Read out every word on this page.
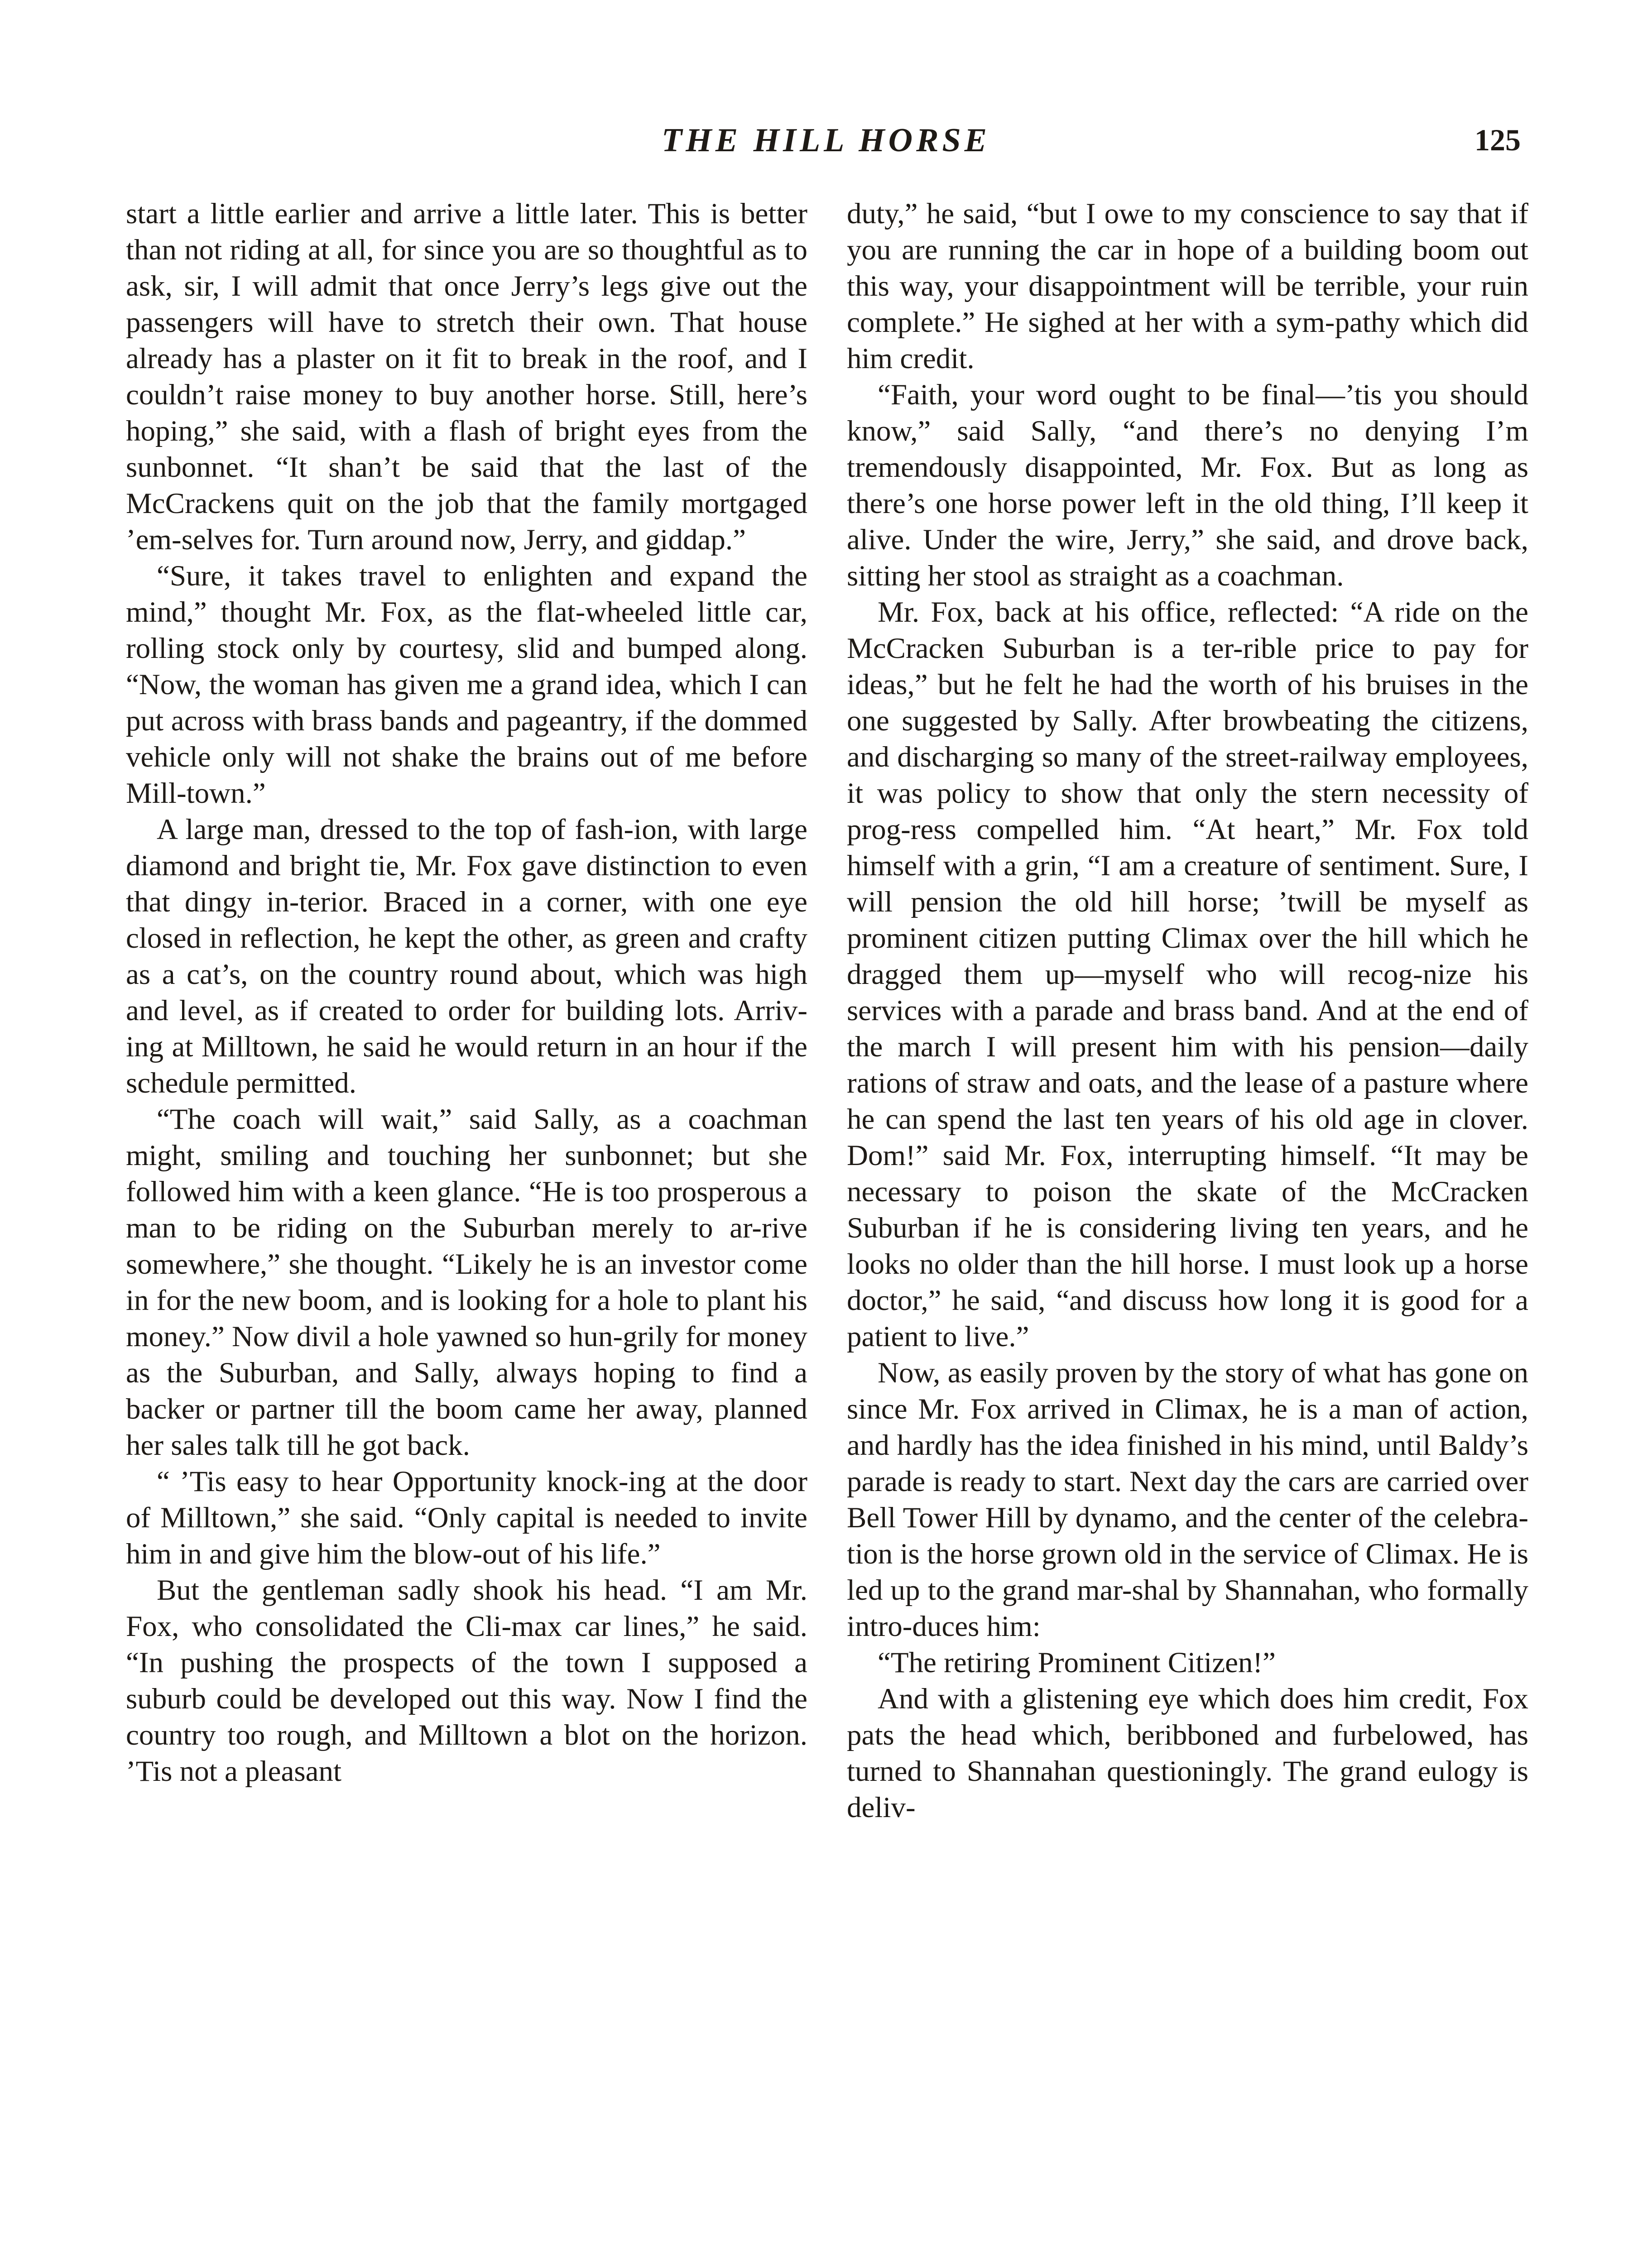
THE HILL HORSE	125

start a little earlier and arrive a little later. This is better than not riding at all, for since you are so thoughtful as to ask, sir, I will admit that once Jerry’s legs give out the passengers will have to stretch their own. That house already has a plaster on it fit to break in the roof, and I couldn’t raise money to buy another horse. Still, here’s hoping,” she said, with a flash of bright eyes from the sunbonnet. “It shan’t be said that the last of the McCrackens quit on the job that the family mortgaged ’em-selves for. Turn around now, Jerry, and giddap.”

“Sure, it takes travel to enlighten and expand the mind,” thought Mr. Fox, as the flat-wheeled little car, rolling stock only by courtesy, slid and bumped along. “Now, the woman has given me a grand idea, which I can put across with brass bands and pageantry, if the dommed vehicle only will not shake the brains out of me before Mill-town.”

A large man, dressed to the top of fash-ion, with large diamond and bright tie, Mr. Fox gave distinction to even that dingy in-terior. Braced in a corner, with one eye closed in reflection, he kept the other, as green and crafty as a cat’s, on the country round about, which was high and level, as if created to order for building lots. Arriv-ing at Milltown, he said he would return in an hour if the schedule permitted.

“The coach will wait,” said Sally, as a coachman might, smiling and touching her sunbonnet; but she followed him with a keen glance. “He is too prosperous a man to be riding on the Suburban merely to ar-rive somewhere,” she thought. “Likely he is an investor come in for the new boom, and is looking for a hole to plant his money.” Now divil a hole yawned so hun-grily for money as the Suburban, and Sally, always hoping to find a backer or partner till the boom came her away, planned her sales talk till he got back.

“ ’Tis easy to hear Opportunity knock-ing at the door of Milltown,” she said. “Only capital is needed to invite him in and give him the blow-out of his life.”

But the gentleman sadly shook his head. “I am Mr. Fox, who consolidated the Cli-max car lines,” he said. “In pushing the prospects of the town I supposed a suburb could be developed out this way. Now I find the country too rough, and Milltown a blot on the horizon. ’Tis not a pleasant

duty,” he said, “but I owe to my conscience to say that if you are running the car in hope of a building boom out this way, your disappointment will be terrible, your ruin complete.” He sighed at her with a sym-pathy which did him credit.

“Faith, your word ought to be final—’tis you should know,” said Sally, “and there’s no denying I’m tremendously disappointed, Mr. Fox. But as long as there’s one horse power left in the old thing, I’ll keep it alive. Under the wire, Jerry,” she said, and drove back, sitting her stool as straight as a coachman.

Mr. Fox, back at his office, reflected: “A ride on the McCracken Suburban is a ter-rible price to pay for ideas,” but he felt he had the worth of his bruises in the one suggested by Sally. After browbeating the citizens, and discharging so many of the street-railway employees, it was policy to show that only the stern necessity of prog-ress compelled him. “At heart,” Mr. Fox told himself with a grin, “I am a creature of sentiment. Sure, I will pension the old hill horse; ’twill be myself as prominent citizen putting Climax over the hill which he dragged them up—myself who will recog-nize his services with a parade and brass band. And at the end of the march I will present him with his pension—daily rations of straw and oats, and the lease of a pasture where he can spend the last ten years of his old age in clover. Dom!” said Mr. Fox, interrupting himself. “It may be necessary to poison the skate of the McCracken Suburban if he is considering living ten years, and he looks no older than the hill horse. I must look up a horse doctor,” he said, “and discuss how long it is good for a patient to live.”

Now, as easily proven by the story of what has gone on since Mr. Fox arrived in Climax, he is a man of action, and hardly has the idea finished in his mind, until Baldy’s parade is ready to start. Next day the cars are carried over Bell Tower Hill by dynamo, and the center of the celebra-tion is the horse grown old in the service of Climax. He is led up to the grand mar-shal by Shannahan, who formally intro-duces him:

“The retiring Prominent Citizen!”

And with a glistening eye which does him credit, Fox pats the head which, beribboned and furbelowed, has turned to Shannahan questioningly. The grand eulogy is deliv-
